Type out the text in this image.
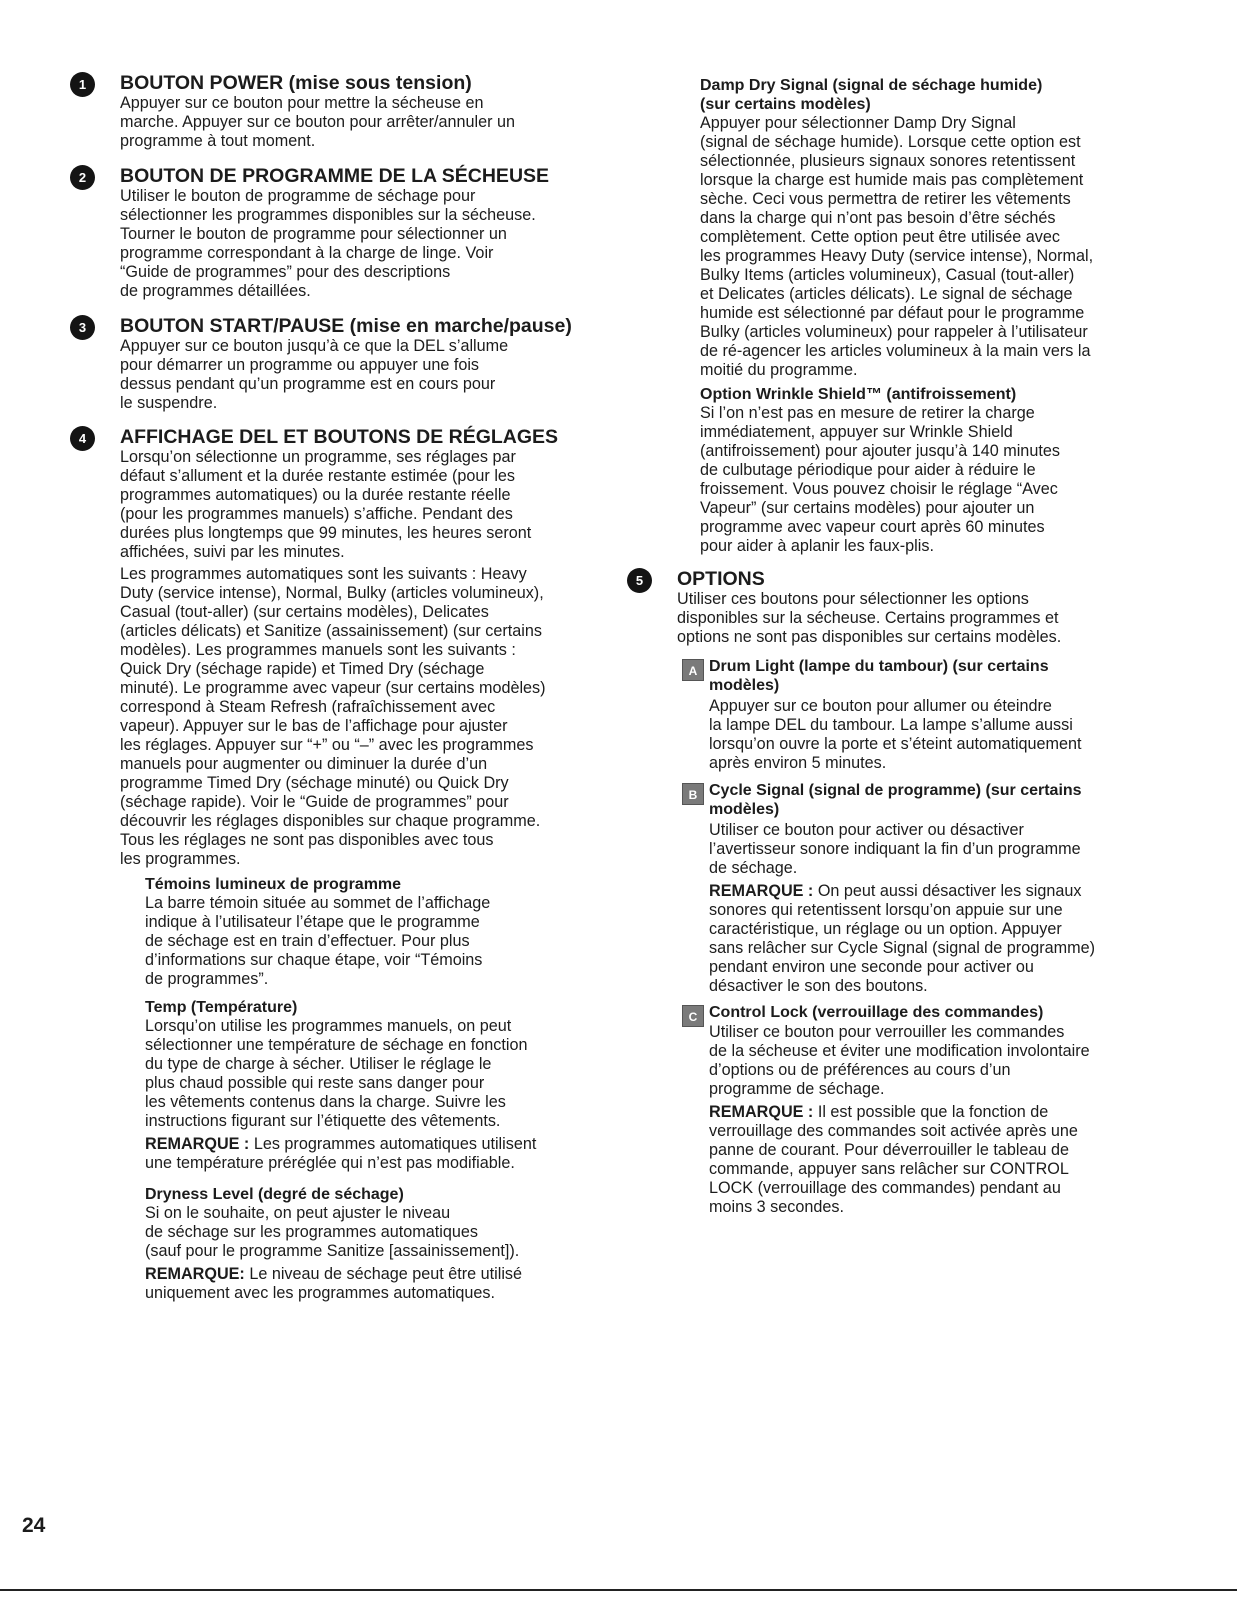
1	BOUTON POWER (mise sous tension)

Appuyer sur ce bouton pour mettre la sécheuse en
marche. Appuyer sur ce bouton pour arrêter/annuler un
programme à tout moment.

2	BOUTON DE PROGRAMME DE LA SÉCHEUSE

Utiliser le bouton de programme de séchage pour
sélectionner les programmes disponibles sur la sécheuse.
Tourner le bouton de programme pour sélectionner un
programme correspondant à la charge de linge. Voir
“Guide de programmes” pour des descriptions
de programmes détaillées.

3	BOUTON START/PAUSE (mise en marche/pause)

Appuyer sur ce bouton jusqu’à ce que la DEL s’allume
pour démarrer un programme ou appuyer une fois
dessus pendant qu’un programme est en cours pour
le suspendre.

4	AFFICHAGE DEL ET BOUTONS DE RÉGLAGES

Lorsqu’on sélectionne un programme, ses réglages par
défaut s’allument et la durée restante estimée (pour les
programmes automatiques) ou la durée restante réelle
(pour les programmes manuels) s’affiche. Pendant des
durées plus longtemps que 99 minutes, les heures seront
affichées, suivi par les minutes.

Les programmes automatiques sont les suivants : Heavy
Duty (service intense), Normal, Bulky (articles volumineux),
Casual (tout-aller) (sur certains modèles), Delicates
(articles délicats) et Sanitize (assainissement) (sur certains
modèles). Les programmes manuels sont les suivants :
Quick Dry (séchage rapide) et Timed Dry (séchage
minuté). Le programme avec vapeur (sur certains modèles)
correspond à Steam Refresh (rafraîchissement avec
vapeur). Appuyer sur le bas de l’affichage pour ajuster
les réglages. Appuyer sur “+” ou “–” avec les programmes
manuels pour augmenter ou diminuer la durée d’un
programme Timed Dry (séchage minuté) ou Quick Dry
(séchage rapide). Voir le “Guide de programmes” pour
découvrir les réglages disponibles sur chaque programme.
Tous les réglages ne sont pas disponibles avec tous
les programmes.

Témoins lumineux de programme

La barre témoin située au sommet de l’affichage
indique à l’utilisateur l’étape que le programme
de séchage est en train d’effectuer. Pour plus
d’informations sur chaque étape, voir “Témoins
de programmes”.

Temp (Température)

Lorsqu’on utilise les programmes manuels, on peut
sélectionner une température de séchage en fonction
du type de charge à sécher. Utiliser le réglage le
plus chaud possible qui reste sans danger pour
les vêtements contenus dans la charge. Suivre les
instructions figurant sur l’étiquette des vêtements.

REMARQUE : Les programmes automatiques utilisent
une température préréglée qui n’est pas modifiable.

Dryness Level (degré de séchage)

Si on le souhaite, on peut ajuster le niveau
de séchage sur les programmes automatiques
(sauf pour le programme Sanitize [assainissement]).

REMARQUE: Le niveau de séchage peut être utilisé
uniquement avec les programmes automatiques.

Damp Dry Signal (signal de séchage humide)
(sur certains modèles)

Appuyer pour sélectionner Damp Dry Signal
(signal de séchage humide). Lorsque cette option est
sélectionnée, plusieurs signaux sonores retentissent
lorsque la charge est humide mais pas complètement
sèche. Ceci vous permettra de retirer les vêtements
dans la charge qui n’ont pas besoin d’être séchés
complètement. Cette option peut être utilisée avec
les programmes Heavy Duty (service intense), Normal,
Bulky Items (articles volumineux), Casual (tout-aller)
et Delicates (articles délicats). Le signal de séchage
humide est sélectionné par défaut pour le programme
Bulky (articles volumineux) pour rappeler à l’utilisateur
de ré-agencer les articles volumineux à la main vers la
moitié du programme.

Option Wrinkle Shield™ (antifroissement)

Si l’on n’est pas en mesure de retirer la charge
immédiatement, appuyer sur Wrinkle Shield
(antifroissement) pour ajouter jusqu’à 140 minutes
de culbutage périodique pour aider à réduire le
froissement. Vous pouvez choisir le réglage “Avec
Vapeur” (sur certains modèles) pour ajouter un
programme avec vapeur court après 60 minutes
pour aider à aplanir les faux-plis.

5	OPTIONS

Utiliser ces boutons pour sélectionner les options
disponibles sur la sécheuse. Certains programmes et
options ne sont pas disponibles sur certains modèles.

A Drum Light (lampe du tambour) (sur certains
modèles)

Appuyer sur ce bouton pour allumer ou éteindre
la lampe DEL du tambour. La lampe s’allume aussi
lorsqu’on ouvre la porte et s’éteint automatiquement
après environ 5 minutes.

B Cycle Signal (signal de programme) (sur certains
modèles)

Utiliser ce bouton pour activer ou désactiver
l’avertisseur sonore indiquant la fin d’un programme
de séchage.

REMARQUE : On peut aussi désactiver les signaux
sonores qui retentissent lorsqu’on appuie sur une
caractéristique, un réglage ou un option. Appuyer
sans relâcher sur Cycle Signal (signal de programme)
pendant environ une seconde pour activer ou
désactiver le son des boutons.

C Control Lock (verrouillage des commandes)

Utiliser ce bouton pour verrouiller les commandes
de la sécheuse et éviter une modification involontaire
d’options ou de préférences au cours d’un
programme de séchage.

REMARQUE : Il est possible que la fonction de
verrouillage des commandes soit activée après une
panne de courant. Pour déverrouiller le tableau de
commande, appuyer sans relâcher sur CONTROL
LOCK (verrouillage des commandes) pendant au
moins 3 secondes.

24
